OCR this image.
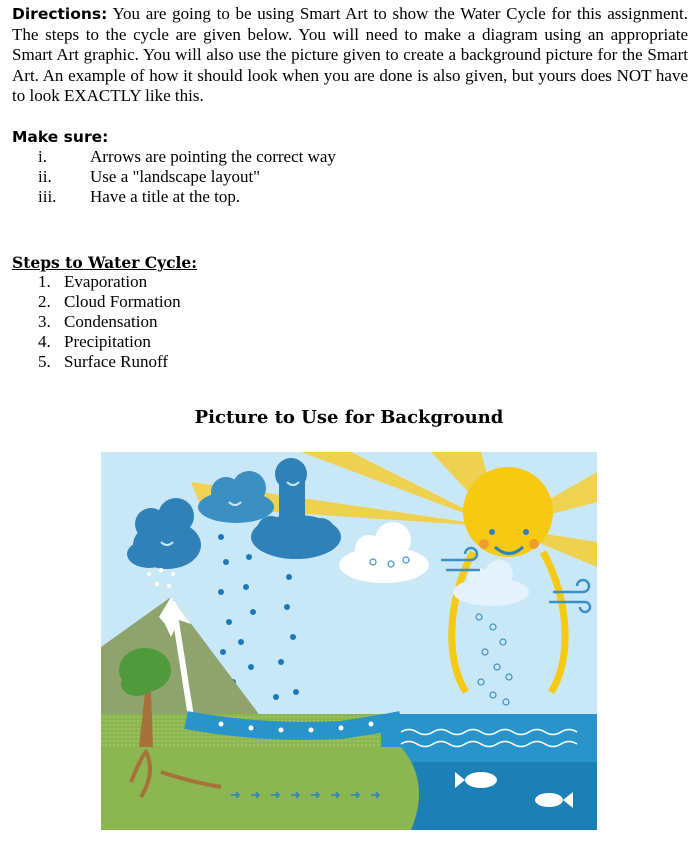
Directions: You are going to be using Smart Art to show the Water Cycle for this assignment. The steps to the cycle are given below. You will need to make a diagram using an appropriate Smart Art graphic. You will also use the picture given to create a background picture for the Smart Art. An example of how it should look when you are done is also given, but yours does NOT have to look EXACTLY like this.
Make sure:
i.	Arrows are pointing the correct way
ii. Use a "landscape layout"
iii. Have a title at the top.
Steps to Water Cycle:
1. Evaporation
2. Cloud Formation
3. Condensation
4. Precipitation
5. Surface Runoff
Picture to Use for Background
